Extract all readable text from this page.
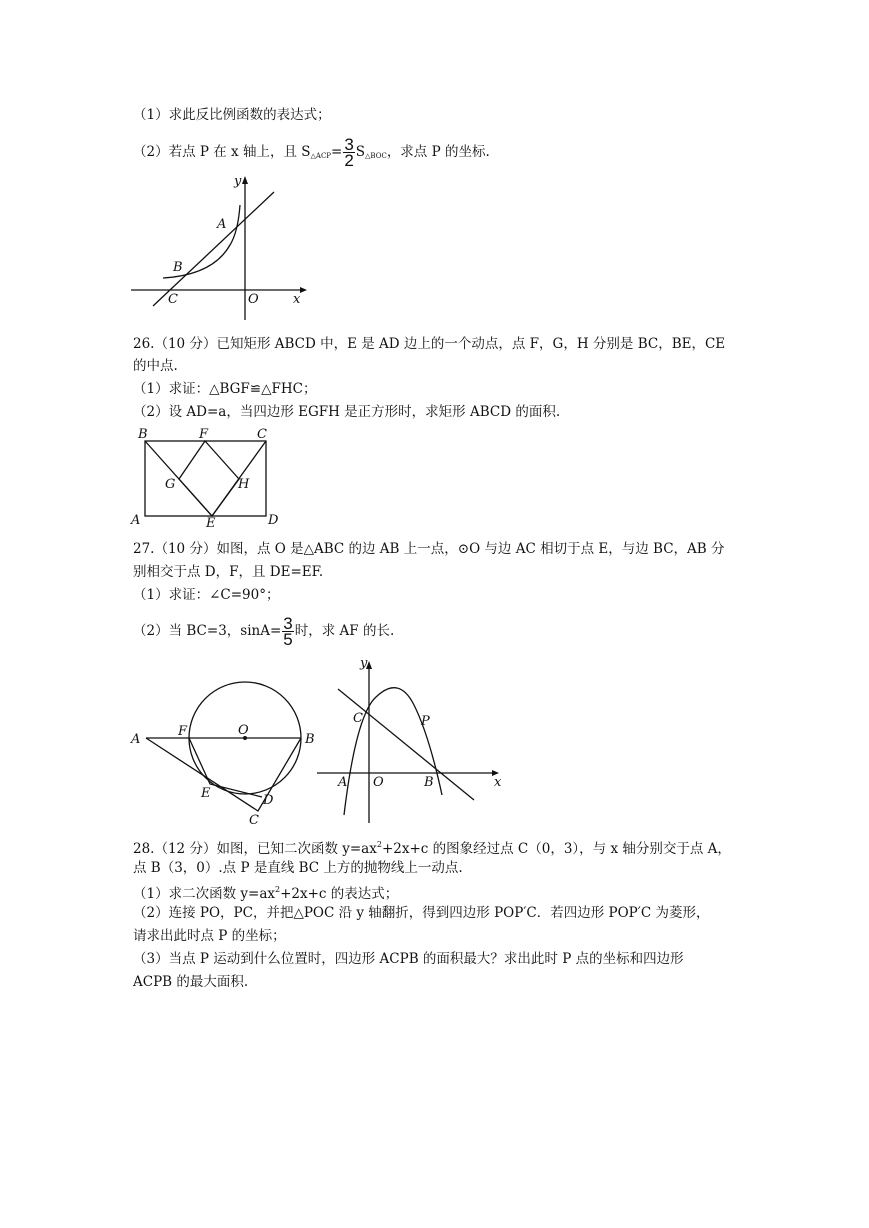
（1）求此反比例函数的表达式；
（2）若点 P 在 x 轴上，且 $S_{\triangle ACP}= \frac{3}{2} S_{\triangle BOC}$，求点 P 的坐标.
y
A
B
C	O	x
26.（10 分）已知矩形 ABCD 中，E 是 AD 边上的一个动点，点 F，G，H 分别是 BC，BE，CE
的中点.
（1）求证：△BGF≌△FHC；
（2）设 AD=a，当四边形 EGFH 是正方形时，求矩形 ABCD 的面积.
B	F	C
G	H
A	E	D
27.（10 分）如图，点 O 是△ABC 的边 AB 上一点，⊙O 与边 AC 相切于点 E，与边 BC，AB 分
别相交于点 D，F，且 DE=EF.
（1）求证：∠C=90°；
（2）当 BC=3，$\sin A= \frac{3}{5}$ 时，求 AF 的长.
A
F	O
B
E	D
C
y
C	P
A O	B	x
28.（12 分）如图，已知二次函数 $y=ax^2+2x+c$ 的图象经过点 C（0，3），与 x 轴分别交于点 A，
点 B（3，0）.点 P 是直线 BC 上方的抛物线上一动点.
（1）求二次函数 $y=ax^2+2x+c$ 的表达式；
（2）连接 PO，PC，并把△POC 沿 y 轴翻折，得到四边形 POP′C．若四边形 POP′C 为菱形，
请求出此时点 P 的坐标；
（3）当点 P 运动到什么位置时，四边形 ACPB 的面积最大？求出此时 P 点的坐标和四边形
ACPB 的最大面积.
